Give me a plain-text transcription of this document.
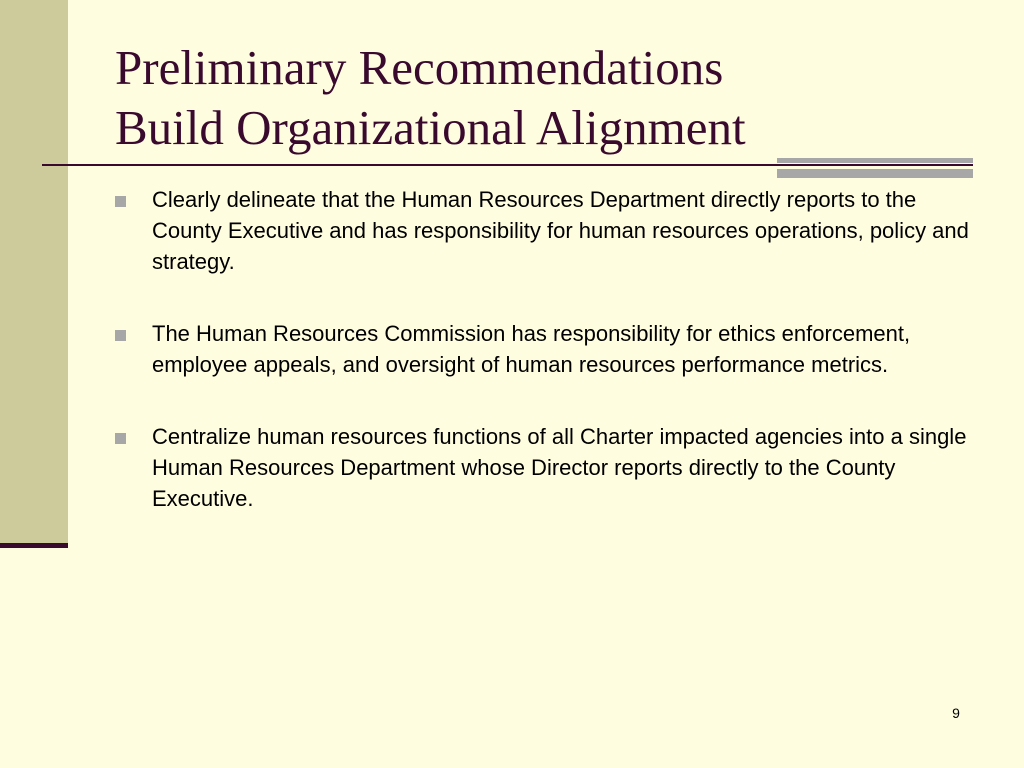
Preliminary Recommendations
Build Organizational Alignment
Clearly delineate that the Human Resources Department directly reports to the County Executive and has responsibility for human resources operations, policy and strategy.
The Human Resources Commission has responsibility for ethics enforcement, employee appeals, and oversight of human resources performance metrics.
Centralize human resources functions of all Charter impacted agencies into a single Human Resources Department whose Director reports directly to the County Executive.
9
